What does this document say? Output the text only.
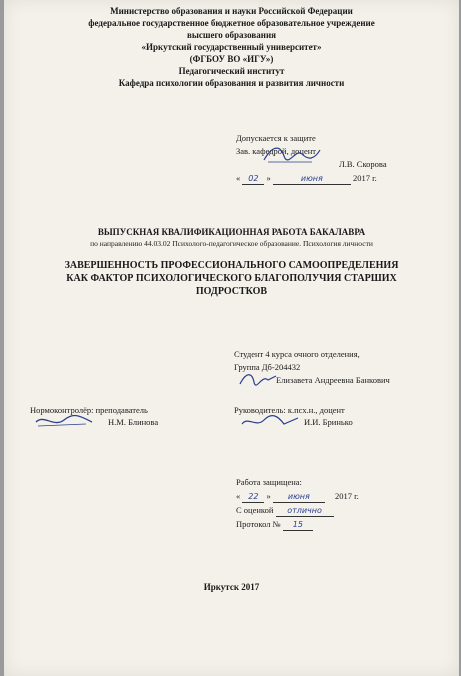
Министерство образования и науки Российской Федерации
федеральное государственное бюджетное образовательное учреждение
высшего образования
«Иркутский государственный университет»
(ФГБОУ ВО «ИГУ»)
Педагогический институт
Кафедра психологии образования и развития личности
Допускается к защите
Зав. кафедрой, доцент
Л.В. Скорова
« 02 »	июня	2017 г.
ВЫПУСКНАЯ КВАЛИФИКАЦИОННАЯ РАБОТА БАКАЛАВРА
по направлению 44.03.02 Психолого-педагогическое образование. Психология личности
ЗАВЕРШЕННОСТЬ ПРОФЕССИОНАЛЬНОГО САМООПРЕДЕЛЕНИЯ
КАК ФАКТОР ПСИХОЛОГИЧЕСКОГО БЛАГОПОЛУЧИЯ СТАРШИХ
ПОДРОСТКОВ
Студент 4 курса очного отделения,
Группа Дб-204432
Елизавета Андреевна Банкович
Нормоконтролёр: преподаватель
Н.М. Блинова
Руководитель: к.псх.н., доцент
И.И. Бринько
Работа защищена:
« 22 » июня	2017 г.
С оценкой отлично
Протокол № 15
Иркутск 2017
